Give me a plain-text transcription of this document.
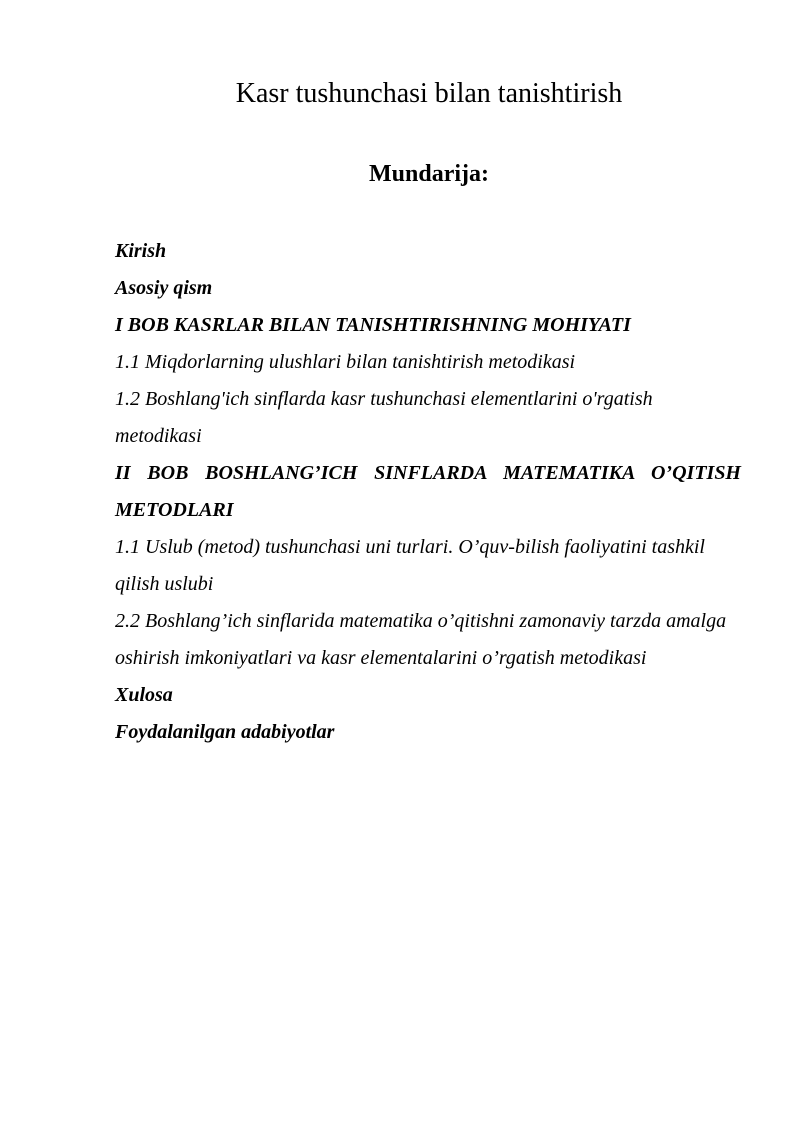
Kasr tushunchasi bilan tanishtirish
Mundarija:
Kirish
Asosiy qism
I BOB KASRLAR BILAN TANISHTIRISHNING MOHIYATI
1.1 Miqdorlarning ulushlari bilan tanishtirish metodikasi
1.2 Boshlang'ich sinflarda kasr tushunchasi elementlarini o'rgatish metodikasi
II BOB BOSHLANG’ICH SINFLARDA MATEMATIKA O’QITISH METODLARI
1.1 Uslub (metod) tushunchasi uni turlari. O’quv-bilish faoliyatini tashkil qilish uslubi
2.2 Boshlang’ich sinflarida matematika o’qitishni zamonaviy tarzda amalga oshirish imkoniyatlari va kasr elementalarini o’rgatish metodikasi
Xulosa
Foydalanilgan adabiyotlar
